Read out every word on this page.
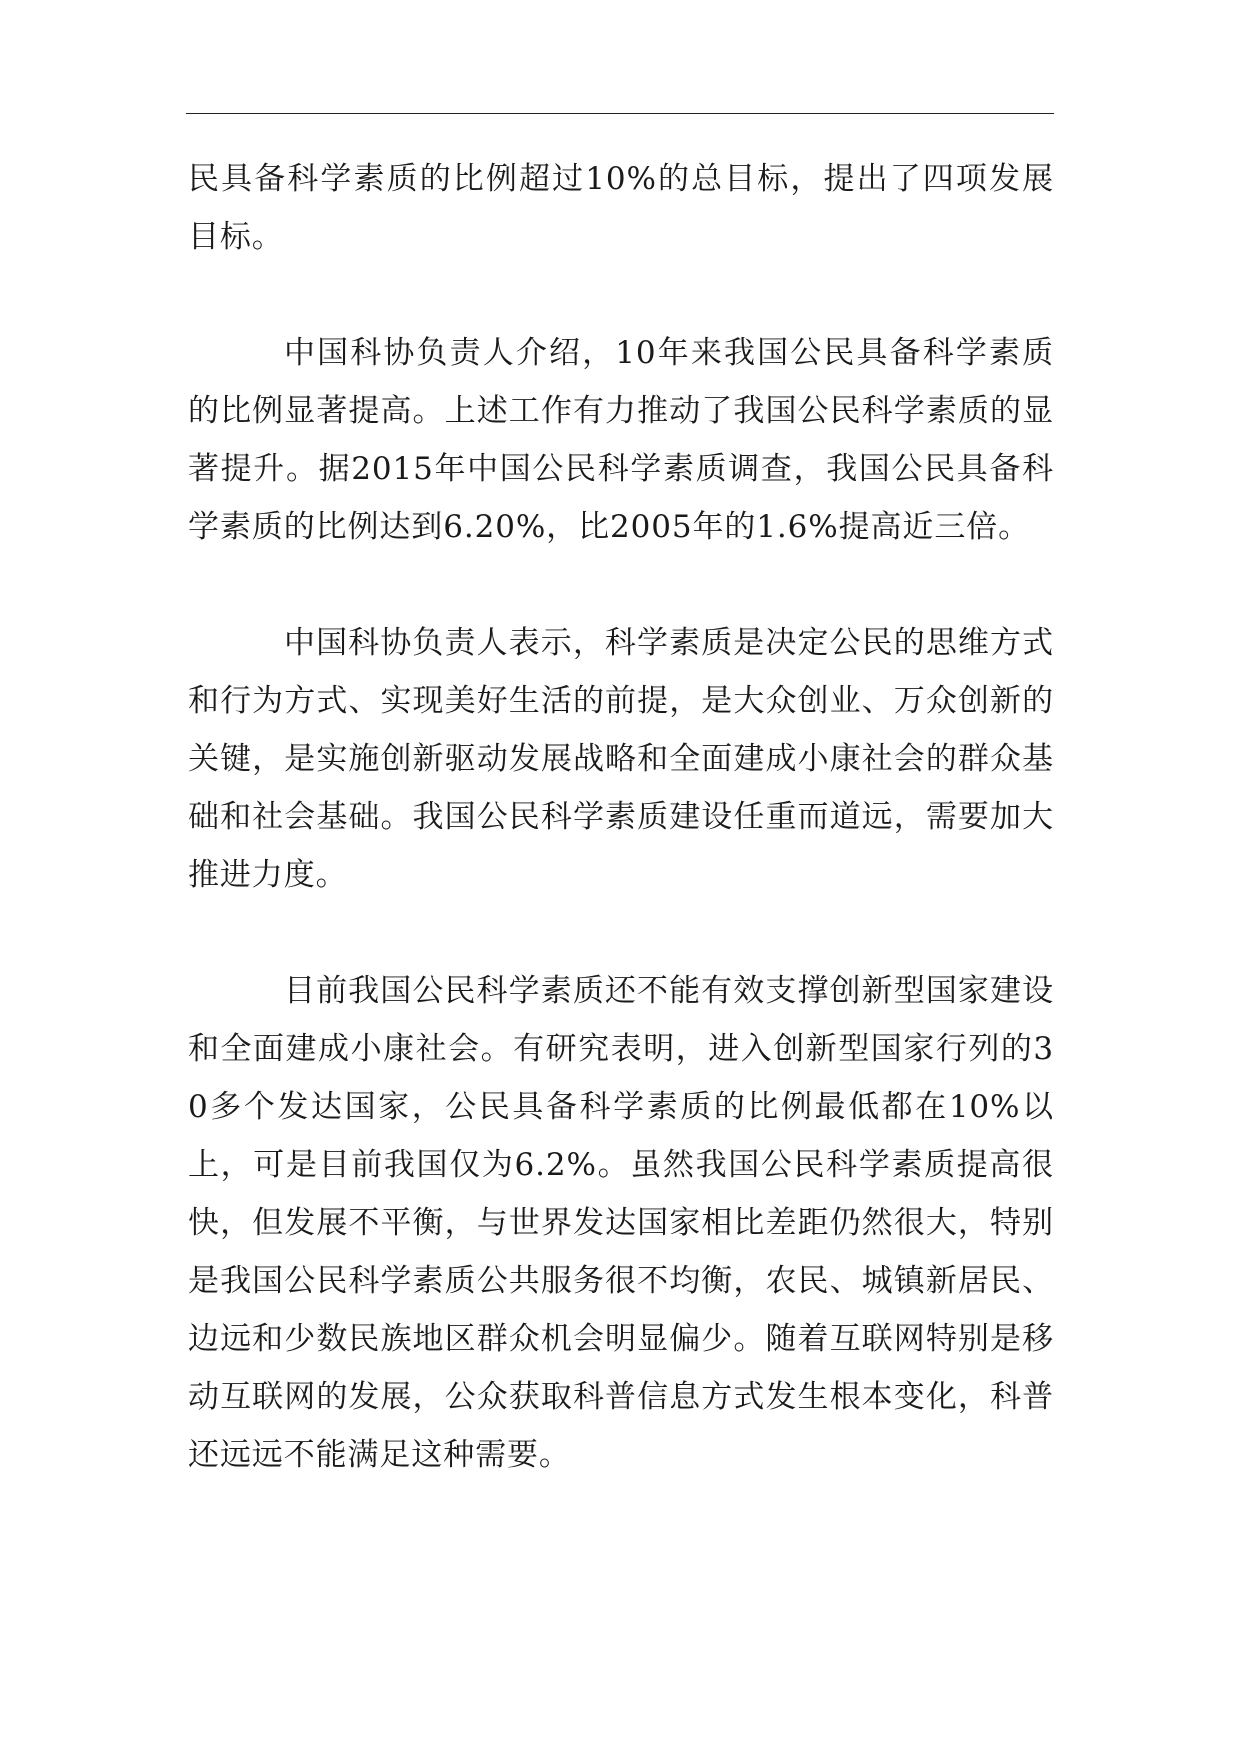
民具备科学素质的比例超过10%的总目标，提出了四项发展目标。

中国科协负责人介绍，10年来我国公民具备科学素质的比例显著提高。上述工作有力推动了我国公民科学素质的显著提升。据2015年中国公民科学素质调查，我国公民具备科学素质的比例达到6.20%，比2005年的1.6%提高近三倍。

中国科协负责人表示，科学素质是决定公民的思维方式和行为方式、实现美好生活的前提，是大众创业、万众创新的关键，是实施创新驱动发展战略和全面建成小康社会的群众基础和社会基础。我国公民科学素质建设任重而道远，需要加大推进力度。

目前我国公民科学素质还不能有效支撑创新型国家建设和全面建成小康社会。有研究表明，进入创新型国家行列的30多个发达国家，公民具备科学素质的比例最低都在10%以上，可是目前我国仅为6.2%。虽然我国公民科学素质提高很快，但发展不平衡，与世界发达国家相比差距仍然很大，特别是我国公民科学素质公共服务很不均衡，农民、城镇新居民、边远和少数民族地区群众机会明显偏少。随着互联网特别是移动互联网的发展，公众获取科普信息方式发生根本变化，科普还远远不能满足这种需要。
